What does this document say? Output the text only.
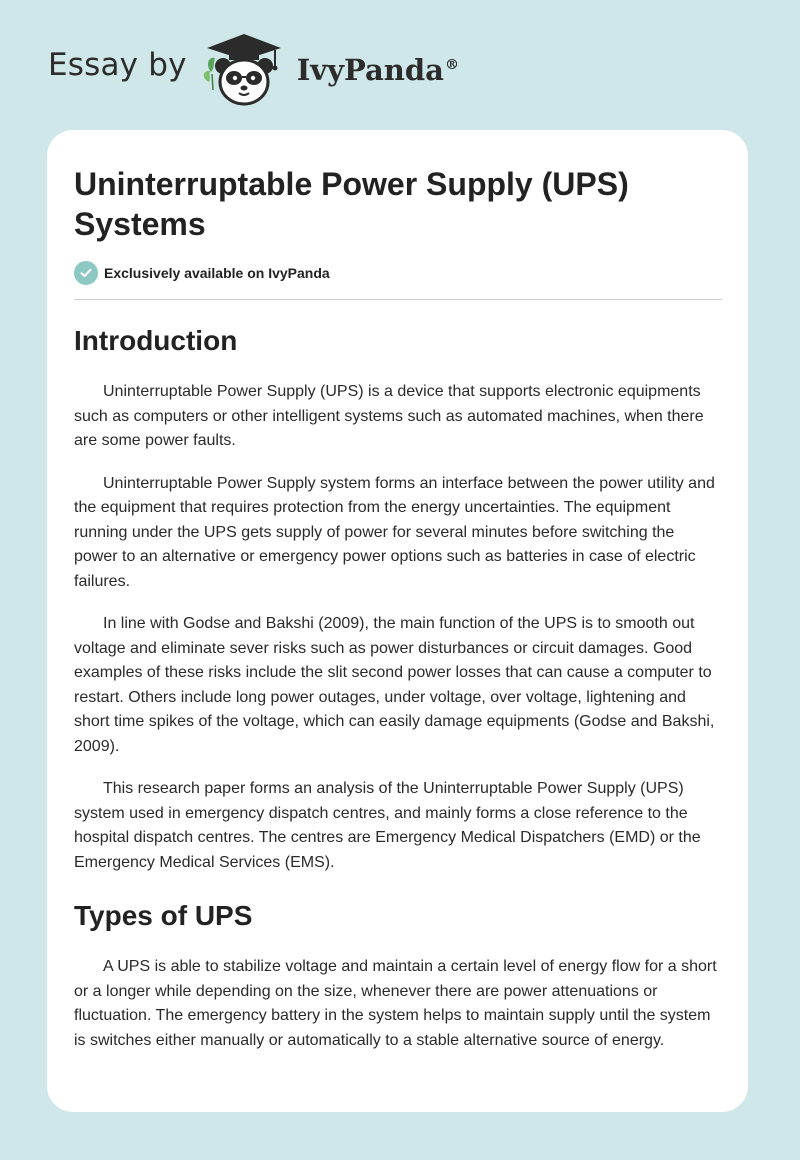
Essay by	IvyPanda®
Uninterruptable Power Supply (UPS)
Systems
Exclusively available on IvyPanda
Introduction

Uninterruptable Power Supply (UPS) is a device that supports electronic equipments such as computers or other intelligent systems such as automated machines, when there are some power faults.

Uninterruptable Power Supply system forms an interface between the power utility and the equipment that requires protection from the energy uncertainties. The equipment running under the UPS gets supply of power for several minutes before switching the power to an alternative or emergency power options such as batteries in case of electric failures.

In line with Godse and Bakshi (2009), the main function of the UPS is to smooth out voltage and eliminate sever risks such as power disturbances or circuit damages. Good examples of these risks include the slit second power losses that can cause a computer to restart. Others include long power outages, under voltage, over voltage, lightening and short time spikes of the voltage, which can easily damage equipments (Godse and Bakshi, 2009).

This research paper forms an analysis of the Uninterruptable Power Supply (UPS) system used in emergency dispatch centres, and mainly forms a close reference to the hospital dispatch centres. The centres are Emergency Medical Dispatchers (EMD) or the Emergency Medical Services (EMS).

Types of UPS

A UPS is able to stabilize voltage and maintain a certain level of energy flow for a short or a longer while depending on the size, whenever there are power attenuations or fluctuation. The emergency battery in the system helps to maintain supply until the system is switches either manually or automatically to a stable alternative source of energy.
